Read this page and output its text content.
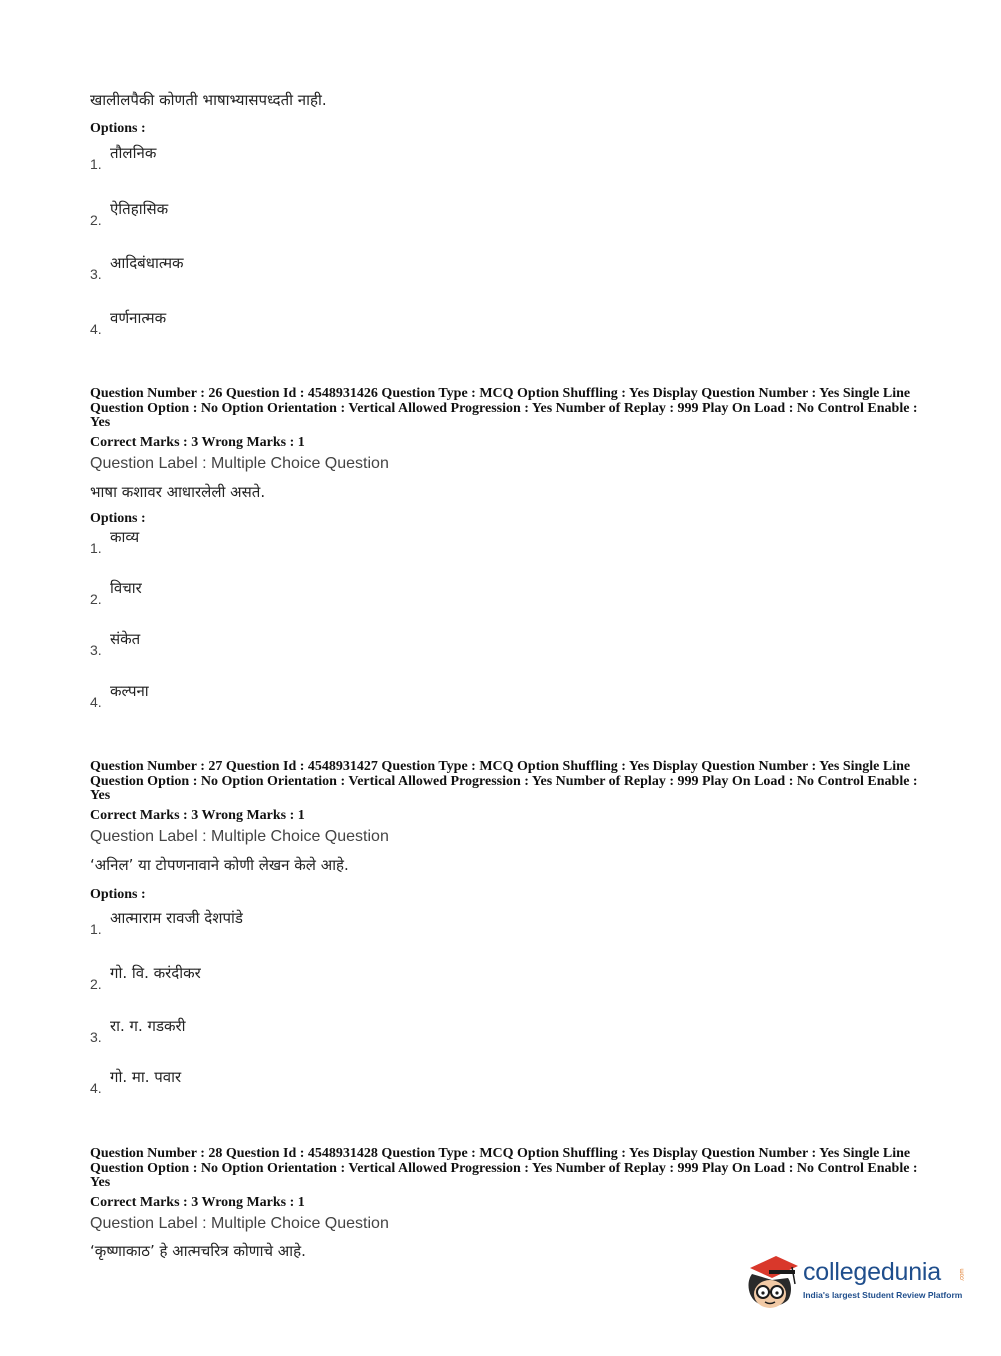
खालीलपैकी कोणती भाषाभ्यासपध्दती नाही.
Options :
1.तौलनिक
2.ऐतिहासिक
3.आदिबंधात्मक
4.वर्णनात्मक
Question Number : 26 Question Id : 4548931426 Question Type : MCQ Option Shuffling : Yes Display Question Number : Yes Single Line Question Option : No Option Orientation : Vertical Allowed Progression : Yes Number of Replay : 999 Play On Load : No Control Enable : Yes
Correct Marks : 3 Wrong Marks : 1
Question Label : Multiple Choice Question
भाषा कशावर आधारलेली असते.
Options :
1.काव्य
2.विचार
3.संकेत
4.कल्पना
Question Number : 27 Question Id : 4548931427 Question Type : MCQ Option Shuffling : Yes Display Question Number : Yes Single Line Question Option : No Option Orientation : Vertical Allowed Progression : Yes Number of Replay : 999 Play On Load : No Control Enable : Yes
Correct Marks : 3 Wrong Marks : 1
Question Label : Multiple Choice Question
‘अनिल’ या टोपणनावाने कोणी लेखन केले आहे.
Options :
1.आत्माराम रावजी देशपांडे
2.गो. वि. करंदीकर
3.रा. ग. गडकरी
4.गो. मा. पवार
Question Number : 28 Question Id : 4548931428 Question Type : MCQ Option Shuffling : Yes Display Question Number : Yes Single Line Question Option : No Option Orientation : Vertical Allowed Progression : Yes Number of Replay : 999 Play On Load : No Control Enable : Yes
Correct Marks : 3 Wrong Marks : 1
Question Label : Multiple Choice Question
‘कृष्णाकाठ’ हे आत्मचरित्र कोणाचे आहे.
collegedunia	.com
India's largest Student Review Platform
